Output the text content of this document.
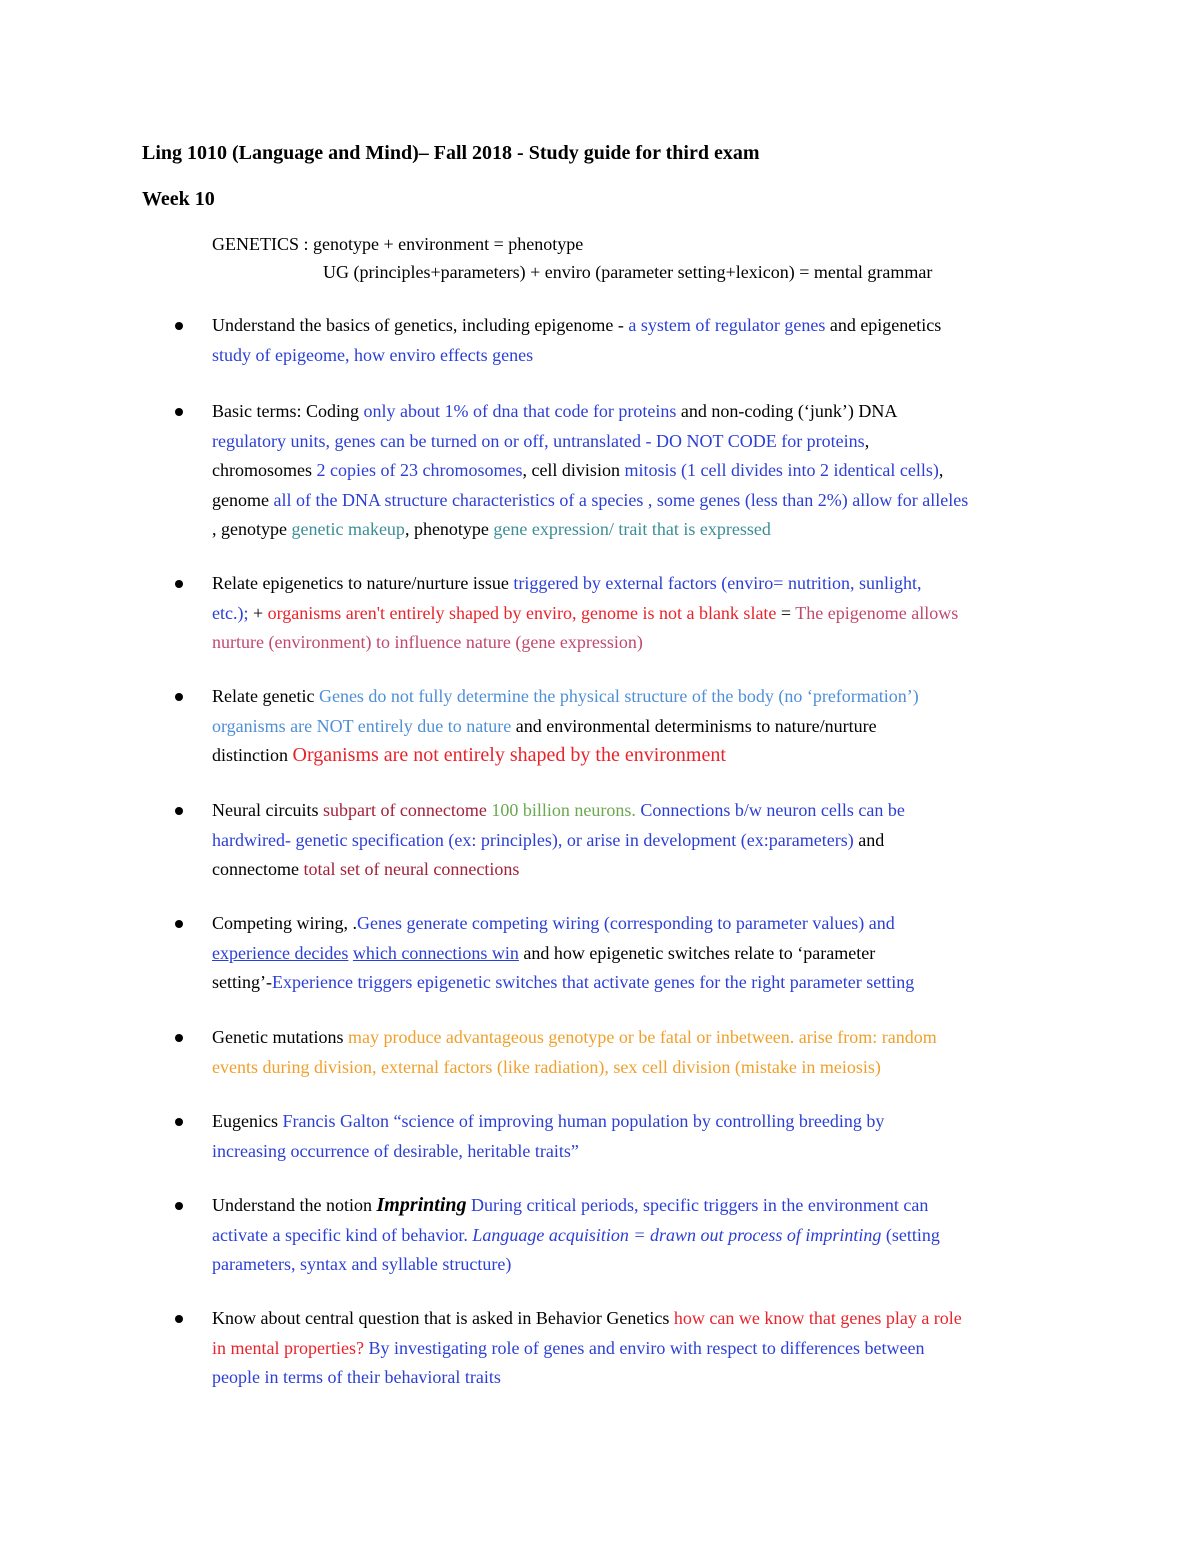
Ling 1010 (Language and Mind)– Fall 2018 - Study guide for third exam
Week 10
GENETICS : genotype + environment = phenotype
UG (principles+parameters) + enviro (parameter setting+lexicon) = mental grammar
Understand the basics of genetics, including epigenome - a system of regulator genes and epigenetics
study of epigeome, how enviro effects genes
Basic terms: Coding only about 1% of dna that code for proteins and non-coding (‘junk’) DNA
regulatory units, genes can be turned on or off, untranslated - DO NOT CODE for proteins,
chromosomes 2 copies of 23 chromosomes, cell division mitosis (1 cell divides into 2 identical cells),
genome all of the DNA structure characteristics of a species , some genes (less than 2%) allow for alleles
, genotype genetic makeup, phenotype gene expression/ trait that is expressed
Relate epigenetics to nature/nurture issue triggered by external factors (enviro= nutrition, sunlight,
etc.); + organisms aren't entirely shaped by enviro, genome is not a blank slate = The epigenome allows
nurture (environment) to influence nature (gene expression)
Relate genetic Genes do not fully determine the physical structure of the body (no ‘preformation’)
organisms are NOT entirely due to nature and environmental determinisms to nature/nurture
distinction Organisms are not entirely shaped by the environment
Neural circuits subpart of connectome 100 billion neurons. Connections b/w neuron cells can be
hardwired- genetic specification (ex: principles), or arise in development (ex:parameters) and
connectome total set of neural connections
Competing wiring, .Genes generate competing wiring (corresponding to parameter values) and
experience decides which connections win and how epigenetic switches relate to ‘parameter
setting’-Experience triggers epigenetic switches that activate genes for the right parameter setting
Genetic mutations may produce advantageous genotype or be fatal or inbetween. arise from: random
events during division, external factors (like radiation), sex cell division (mistake in meiosis)
Eugenics Francis Galton “science of improving human population by controlling breeding by
increasing occurrence of desirable, heritable traits”
Understand the notion Imprinting During critical periods, specific triggers in the environment can
activate a specific kind of behavior. Language acquisition = drawn out process of imprinting (setting
parameters, syntax and syllable structure)
Know about central question that is asked in Behavior Genetics how can we know that genes play a role
in mental properties? By investigating role of genes and enviro with respect to differences between
people in terms of their behavioral traits
